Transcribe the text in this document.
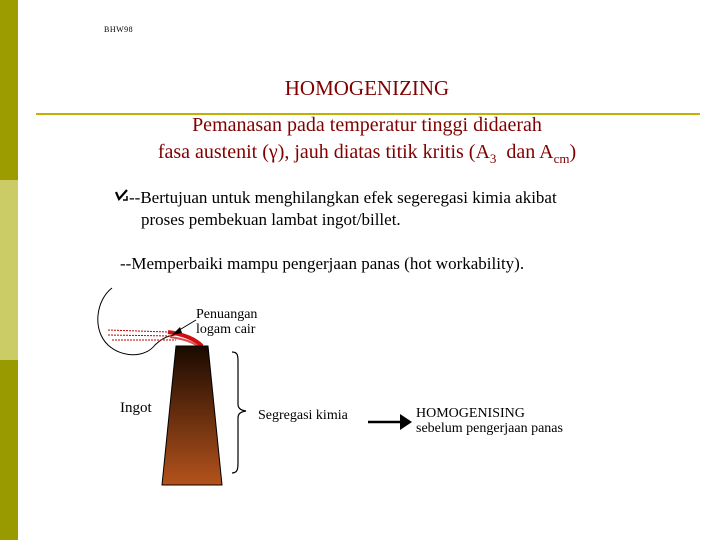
BHW98
HOMOGENIZING
Pemanasan pada temperatur tinggi didaerah
fasa austenit (γ), jauh diatas titik kritis ($A_3$  dan $A_{cm}$)
--Bertujuan untuk menghilangkan efek segeregasi kimia akibat
proses pembekuan lambat ingot/billet.
--Memperbaiki mampu pengerjaan panas (hot workability).
Penuangan
logam cair
Ingot	Segregasi kimia	HOMOGENISING
sebelum pengerjaan panas
